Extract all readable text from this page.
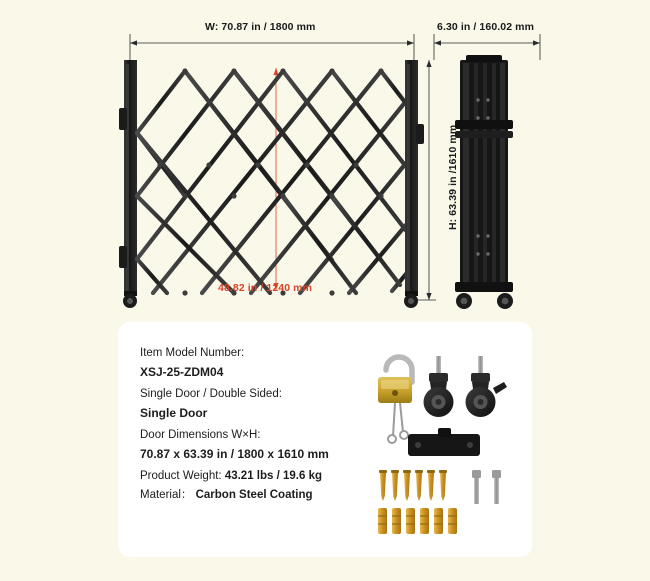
W: 70.87 in / 1800 mm	6.30 in / 160.02 mm
H: 63.39 in /1610 mm
48.82 in / 1240 mm
Item Model Number:
XSJ-25-ZDM04
Single Door / Double Sided:
Single Door
Door Dimensions W×H:
70.87 x 63.39 in / 1800 x 1610 mm
Product Weight: 43.21 lbs / 19.6 kg
Material： Carbon Steel Coating
